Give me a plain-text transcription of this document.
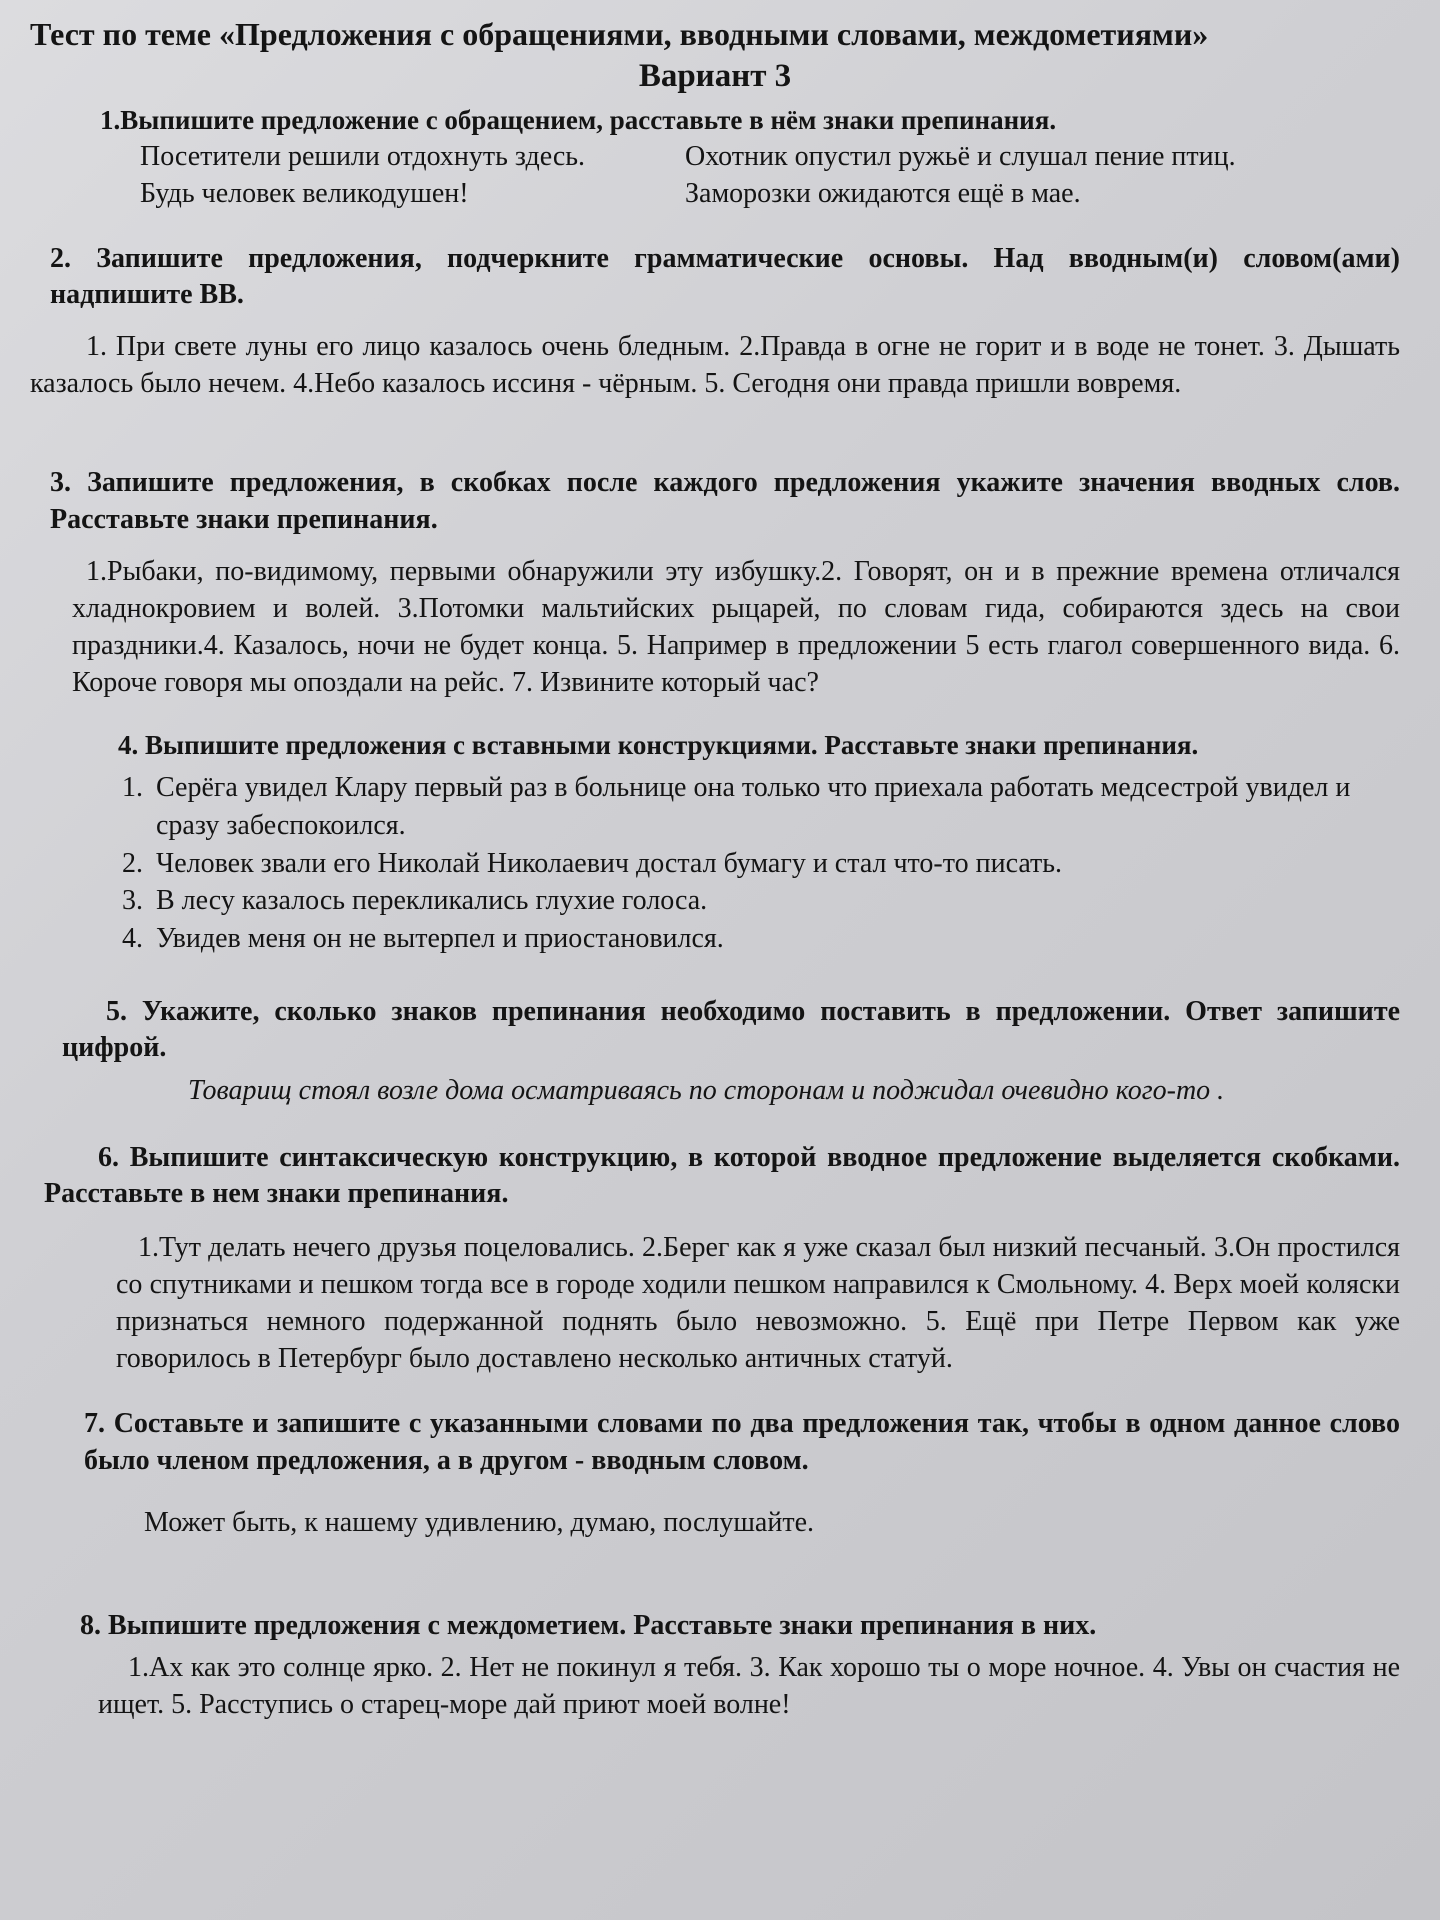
Тест по теме «Предложения с обращениями, вводными словами, междометиями»
Вариант 3
1.Выпишите предложение с обращением, расставьте в нём знаки препинания.
Посетители решили отдохнуть здесь.	Охотник опустил ружьё и слушал пение птиц.
Будь человек великодушен!	Заморозки ожидаются ещё в мае.
2. Запишите предложения, подчеркните грамматические основы. Над вводным(и) словом(ами) надпишите ВВ.
1. При свете луны его лицо казалось очень бледным. 2.Правда в огне не горит и в воде не тонет. 3. Дышать казалось было нечем. 4.Небо казалось иссиня - чёрным. 5. Сегодня они правда пришли вовремя.
3. Запишите предложения, в скобках после каждого предложения укажите значения вводных слов. Расставьте знаки препинания.
1.Рыбаки, по-видимому, первыми обнаружили эту избушку.2. Говорят, он и в прежние времена отличался хладнокровием и волей. 3.Потомки мальтийских рыцарей, по словам гида, собираются здесь на свои праздники.4. Казалось, ночи не будет конца. 5. Например в предложении 5 есть глагол совершенного вида. 6. Короче говоря мы опоздали на рейс. 7. Извините который час?
4. Выпишите предложения с вставными конструкциями. Расставьте знаки препинания.
1. Серёга увидел Клару первый раз в больнице она только что приехала работать медсестрой увидел и сразу забеспокоился.
2. Человек звали его Николай Николаевич достал бумагу и стал что-то писать.
3. В лесу казалось перекликались глухие голоса.
4. Увидев меня он не вытерпел и приостановился.
5. Укажите, сколько знаков препинания необходимо поставить в предложении. Ответ запишите цифрой.
Товарищ стоял возле дома осматриваясь по сторонам и поджидал очевидно кого-то .
6. Выпишите синтаксическую конструкцию, в которой вводное предложение выделяется скобками. Расставьте в нем знаки препинания.
1.Тут делать нечего друзья поцеловались. 2.Берег как я уже сказал был низкий песчаный. 3.Он простился со спутниками и пешком тогда все в городе ходили пешком направился к Смольному. 4. Верх моей коляски признаться немного подержанной поднять было невозможно. 5. Ещё при Петре Первом как уже говорилось в Петербург было доставлено несколько античных статуй.
7. Составьте и запишите с указанными словами по два предложения так, чтобы в одном данное слово было членом предложения, а в другом - вводным словом.
Может быть, к нашему удивлению, думаю, послушайте.
8. Выпишите предложения с междометием. Расставьте знаки препинания в них.
1.Ах как это солнце ярко. 2. Нет не покинул я тебя. 3. Как хорошо ты о море ночное. 4. Увы он счастия не ищет. 5. Расступись о старец-море дай приют моей волне!
